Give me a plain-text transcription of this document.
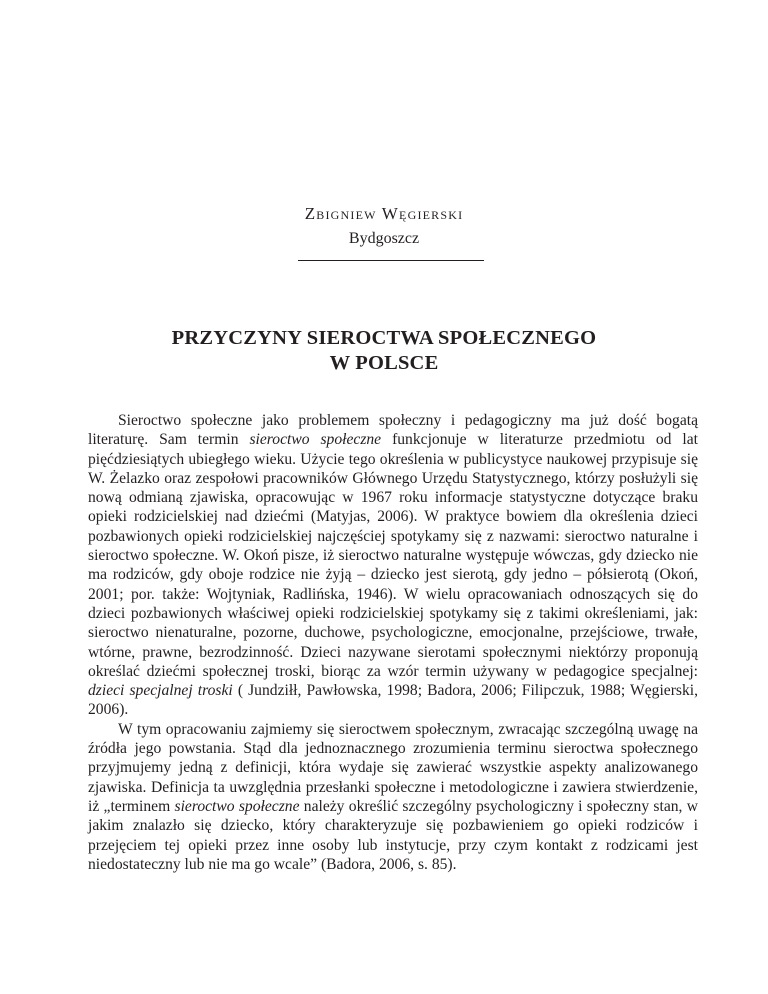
Zbigniew Węgierski
Bydgoszcz
PRZYCZYNY SIEROCTWA SPOŁECZNEGO
W POLSCE

Sieroctwo społeczne jako problemem społeczny i pedagogiczny ma już dość bogatą literaturę. Sam termin sieroctwo społeczne funkcjonuje w literaturze przedmiotu od lat pięćdziesiątych ubiegłego wieku. Użycie tego określenia w publicystyce naukowej przypisuje się W. Żelazko oraz zespołowi pracowników Głównego Urzędu Statystycznego, którzy posłużyli się nową odmianą zjawiska, opracowując w 1967 roku informacje statystyczne dotyczące braku opieki rodzicielskiej nad dziećmi (Matyjas, 2006). W praktyce bowiem dla określenia dzieci pozbawionych opieki rodzicielskiej najczęściej spotykamy się z nazwami: sieroctwo naturalne i sieroctwo społeczne. W. Okoń pisze, iż sieroctwo naturalne występuje wówczas, gdy dziecko nie ma rodziców, gdy oboje rodzice nie żyją – dziecko jest sierotą, gdy jedno – półsierotą (Okoń, 2001; por. także: Wojtyniak, Radlińska, 1946). W wielu opracowaniach odnoszących się do dzieci pozbawionych właściwej opieki rodzicielskiej spotykamy się z takimi określeniami, jak: sieroctwo nienaturalne, pozorne, duchowe, psychologiczne, emocjonalne, przejściowe, trwałe, wtórne, prawne, bezrodzinność. Dzieci nazywane sierotami społecznymi niektórzy proponują określać dziećmi społecznej troski, biorąc za wzór termin używany w pedagogice specjalnej: dzieci specjalnej troski ( Jundziłł, Pawłowska, 1998; Badora, 2006; Filipczuk, 1988; Węgierski, 2006).

W tym opracowaniu zajmiemy się sieroctwem społecznym, zwracając szczególną uwagę na źródła jego powstania. Stąd dla jednoznacznego zrozumienia terminu sieroctwa społecznego przyjmujemy jedną z definicji, która wydaje się zawierać wszystkie aspekty analizowanego zjawiska. Definicja ta uwzględnia przesłanki społeczne i metodologiczne i zawiera stwierdzenie, iż „terminem sieroctwo społeczne należy określić szczególny psychologiczny i społeczny stan, w jakim znalazło się dziecko, który charakteryzuje się pozbawieniem go opieki rodziców i przejęciem tej opieki przez inne osoby lub instytucje, przy czym kontakt z rodzicami jest niedostateczny lub nie ma go wcale” (Badora, 2006, s. 85).
